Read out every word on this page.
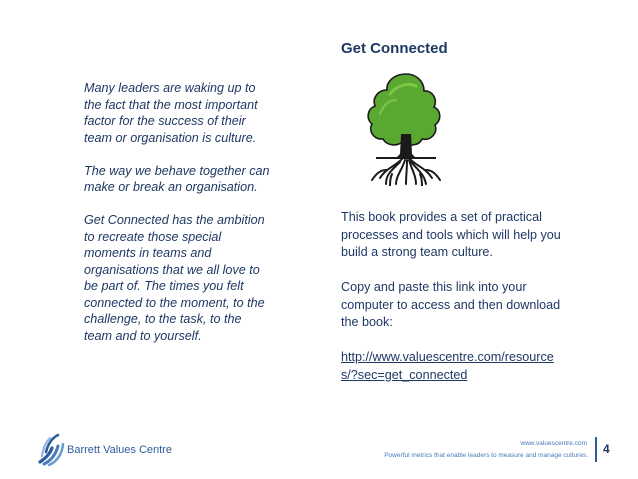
Get Connected

Many leaders are waking up to
the fact that the most important
factor for the success of their
team or organisation is culture.

The way we behave together can
make or break an organisation.

Get Connected has the ambition
to recreate those special
moments in teams and
organisations that we all love to
be part of. The times you felt
connected to the moment, to the
challenge, to the task, to the
team and to yourself.

This book provides a set of practical
processes and tools which will help you
build a strong team culture.

Copy and paste this link into your
computer to access and then download
the book:

http://www.valuescentre.com/resource
s/?sec=get_connected

Barrett Values Centre
www.valuescentre.com
Powerful metrics that enable leaders to measure and manage cultures. 4
